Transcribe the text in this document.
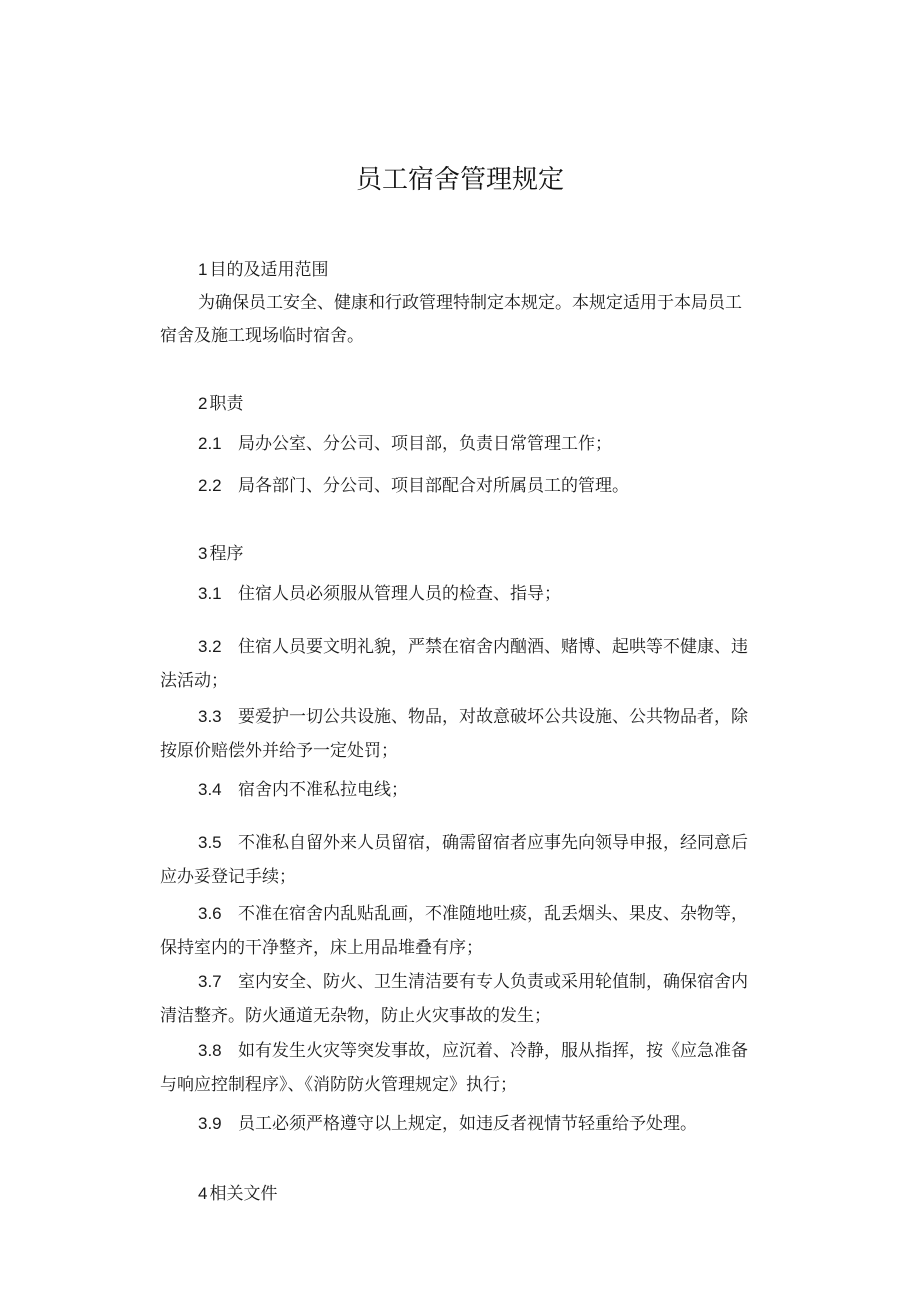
员工宿舍管理规定
1 目的及适用范围
为确保员工安全、健康和行政管理特制定本规定。本规定适用于本局员工
宿舍及施工现场临时宿舍。
2 职责
2.1 局办公室、分公司、项目部，负责日常管理工作；
2.2 局各部门、分公司、项目部配合对所属员工的管理。
3 程序
3.1 住宿人员必须服从管理人员的检查、指导；
3.2 住宿人员要文明礼貌，严禁在宿舍内酗酒、赌博、起哄等不健康、违
法活动；
3.3 要爱护一切公共设施、物品，对故意破坏公共设施、公共物品者，除
按原价赔偿外并给予一定处罚；
3.4 宿舍内不准私拉电线；
3.5 不准私自留外来人员留宿，确需留宿者应事先向领导申报，经同意后
应办妥登记手续；
3.6 不准在宿舍内乱贴乱画，不准随地吐痰，乱丢烟头、果皮、杂物等，
保持室内的干净整齐，床上用品堆叠有序；
3.7 室内安全、防火、卫生清洁要有专人负责或采用轮值制，确保宿舍内
清洁整齐。防火通道无杂物，防止火灾事故的发生；
3.8 如有发生火灾等突发事故，应沉着、冷静，服从指挥，按《应急准备
与响应控制程序》、《消防防火管理规定》执行；
3.9 员工必须严格遵守以上规定，如违反者视情节轻重给予处理。
4 相关文件
